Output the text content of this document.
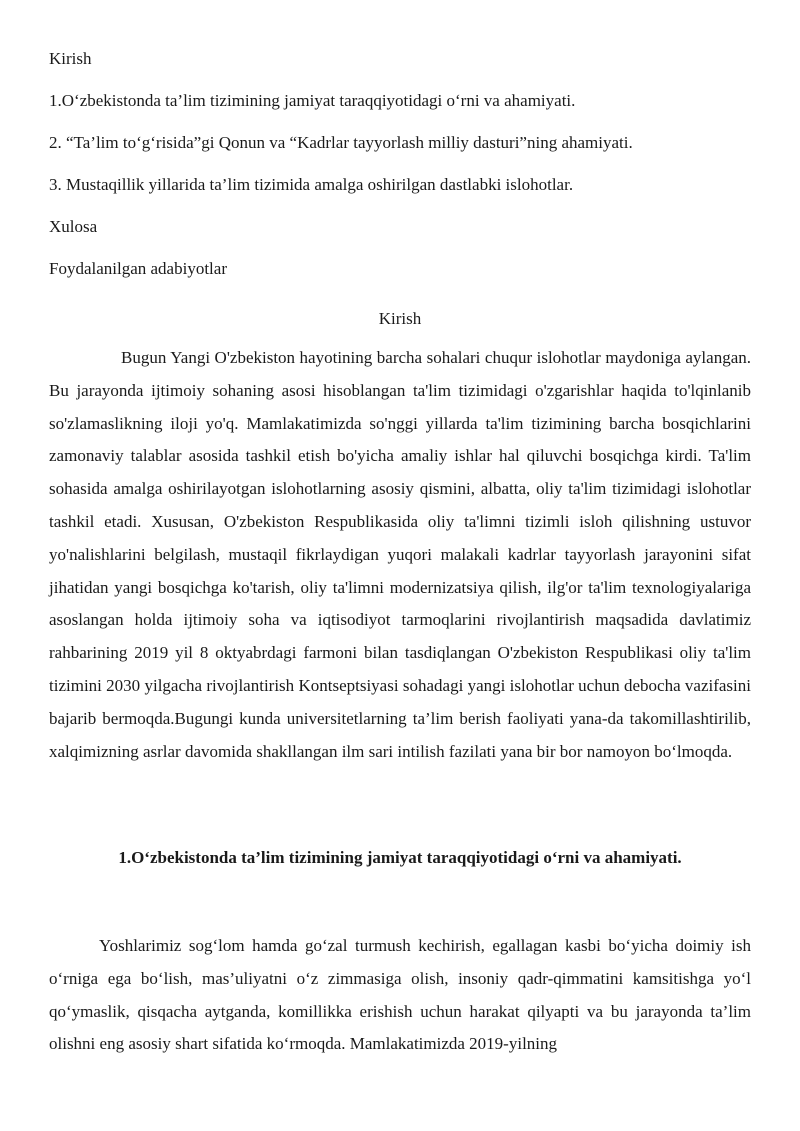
Kirish
1.O‘zbekistonda ta’lim tizimining jamiyat taraqqiyotidagi o‘rni va ahamiyati.
2. “Ta’lim to‘g‘risida”gi Qonun va “Kadrlar tayyorlash milliy dasturi”ning ahamiyati.
3. Mustaqillik yillarida ta’lim tizimida amalga oshirilgan dastlabki islohotlar.
Xulosa
Foydalanilgan adabiyotlar
Kirish

Bugun Yangi O'zbekiston hayotining barcha sohalari chuqur islohotlar maydoniga aylangan. Bu jarayonda ijtimoiy sohaning asosi hisoblangan ta'lim tizimidagi o'zgarishlar haqida to'lqinlanib so'zlamaslikning iloji yo'q. Mamlakatimizda so'nggi yillarda ta'lim tizimining barcha bosqichlarini zamonaviy talablar asosida tashkil etish bo'yicha amaliy ishlar hal qiluvchi bosqichga kirdi. Ta'lim sohasida amalga oshirilayotgan islohotlarning asosiy qismini, albatta, oliy ta'lim tizimidagi islohotlar tashkil etadi. Xususan, O'zbekiston Respublikasida oliy ta'limni tizimli isloh qilishning ustuvor yo'nalishlarini belgilash, mustaqil fikrlaydigan yuqori malakali kadrlar tayyorlash jarayonini sifat jihatidan yangi bosqichga ko'tarish, oliy ta'limni modernizatsiya qilish, ilg'or ta'lim texnologiyalariga asoslangan holda ijtimoiy soha va iqtisodiyot tarmoqlarini rivojlantirish maqsadida davlatimiz rahbarining 2019 yil 8 oktyabrdagi farmoni bilan tasdiqlangan O'zbekiston Respublikasi oliy ta'lim tizimini 2030 yilgacha rivojlantirish Kontseptsiyasi sohadagi yangi islohotlar uchun debocha vazifasini bajarib bermoqda.Bugungi kunda universitetlarning ta’lim berish faoliyati yana-da takomillashtirilib, xalqimizning asrlar davomida shakllangan ilm sari intilish fazilati yana bir bor namoyon bo‘lmoqda.

1.O‘zbekistonda ta’lim tizimining jamiyat taraqqiyotidagi o‘rni va ahamiyati.

Yoshlarimiz sog‘lom hamda go‘zal turmush kechirish, egallagan kasbi bo‘yicha doimiy ish o‘rniga ega bo‘lish, mas’uliyatni o‘z zimmasiga olish, insoniy qadr-qimmatini kamsitishga yo‘l qo‘ymaslik, qisqacha aytganda, komillikka erishish uchun harakat qilyapti va bu jarayonda ta’lim olishni eng asosiy shart sifatida ko‘rmoqda. Mamlakatimizda 2019-yilning
